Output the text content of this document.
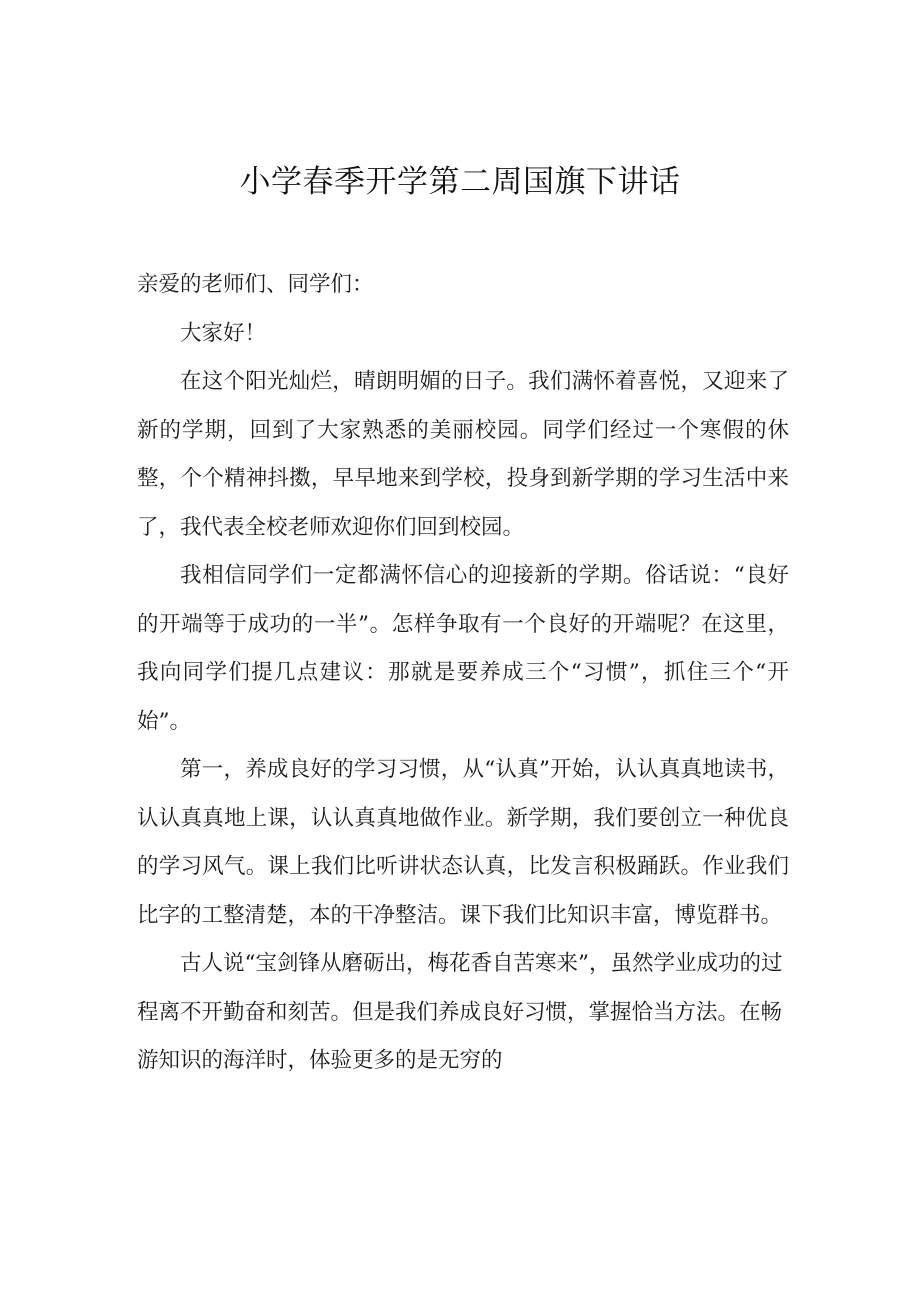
小学春季开学第二周国旗下讲话

亲爱的老师们、同学们：

大家好！

在这个阳光灿烂，晴朗明媚的日子。我们满怀着喜悦，又迎来了新的学期，回到了大家熟悉的美丽校园。同学们经过一个寒假的休整，个个精神抖擞，早早地来到学校，投身到新学期的学习生活中来了，我代表全校老师欢迎你们回到校园。

我相信同学们一定都满怀信心的迎接新的学期。俗话说：“良好的开端等于成功的一半”。怎样争取有一个良好的开端呢？在这里，我向同学们提几点建议：那就是要养成三个“习惯”，抓住三个“开始”。

第一，养成良好的学习习惯，从“认真”开始，认认真真地读书，认认真真地上课，认认真真地做作业。新学期，我们要创立一种优良的学习风气。课上我们比听讲状态认真，比发言积极踊跃。作业我们比字的工整清楚，本的干净整洁。课下我们比知识丰富，博览群书。

古人说“宝剑锋从磨砺出，梅花香自苦寒来”，虽然学业成功的过程离不开勤奋和刻苦。但是我们养成良好习惯，掌握恰当方法。在畅游知识的海洋时，体验更多的是无穷的
